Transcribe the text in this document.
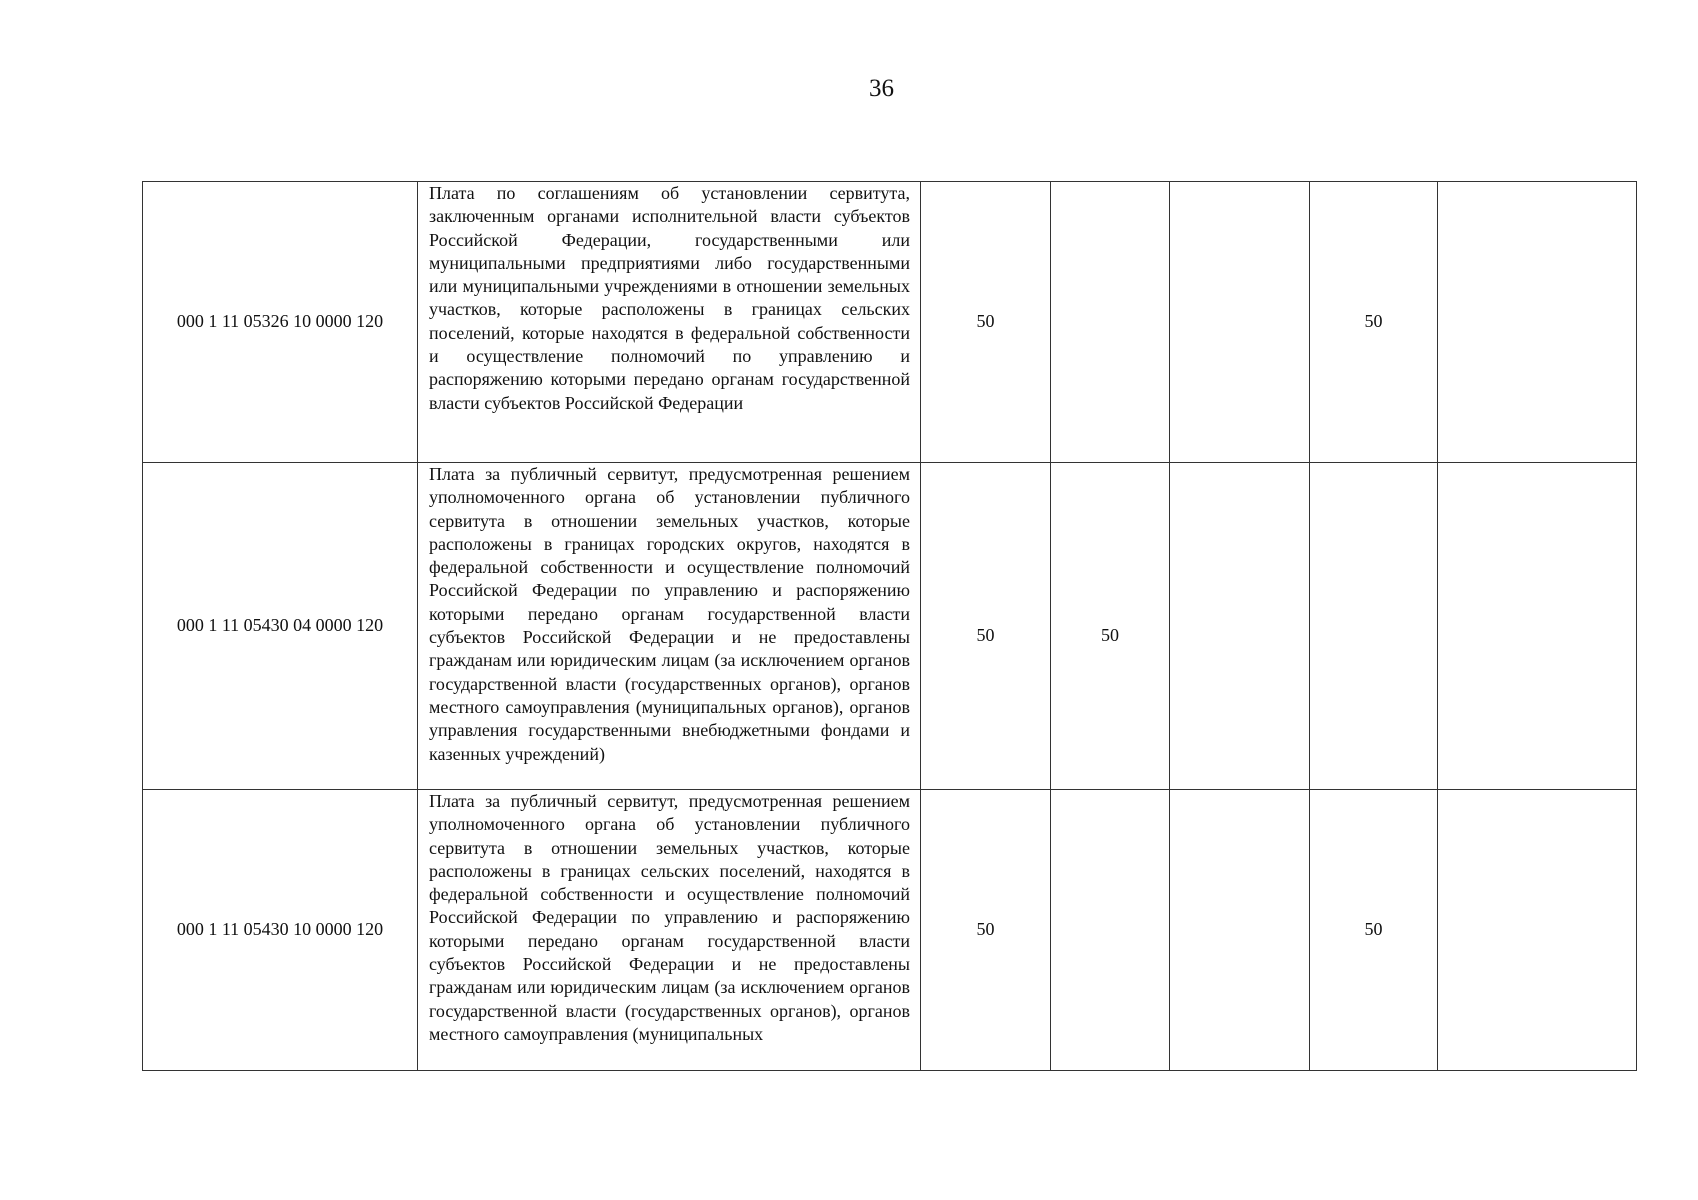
36
000 1 11 05326 10 0000 120	Плата по соглашениям об установлении сервитута, заключенным органами исполнительной власти субъектов Российской Федерации, государственными или муниципальными предприятиями либо государственными или муниципальными учреждениями в отношении земельных участков, которые расположены в границах сельских поселений, которые находятся в федеральной собственности и осуществление полномочий по управлению и распоряжению которыми передано органам государственной власти субъектов Российской Федерации	50			50	
000 1 11 05430 04 0000 120	Плата за публичный сервитут, предусмотренная решением уполномоченного органа об установлении публичного сервитута в отношении земельных участков, которые расположены в границах городских округов, находятся в федеральной собственности и осуществление полномочий Российской Федерации по управлению и распоряжению которыми передано органам государственной власти субъектов Российской Федерации и не предоставлены гражданам или юридическим лицам (за исключением органов государственной власти (государственных органов), органов местного самоуправления (муниципальных органов), органов управления государственными внебюджетными фондами и казенных учреждений)	50	50			
000 1 11 05430 10 0000 120	Плата за публичный сервитут, предусмотренная решением уполномоченного органа об установлении публичного сервитута в отношении земельных участков, которые расположены в границах сельских поселений, находятся в федеральной собственности и осуществление полномочий Российской Федерации по управлению и распоряжению которыми передано органам государственной власти субъектов Российской Федерации и не предоставлены гражданам или юридическим лицам (за исключением органов государственной власти (государственных органов), органов местного самоуправления (муниципальных	50			50	
